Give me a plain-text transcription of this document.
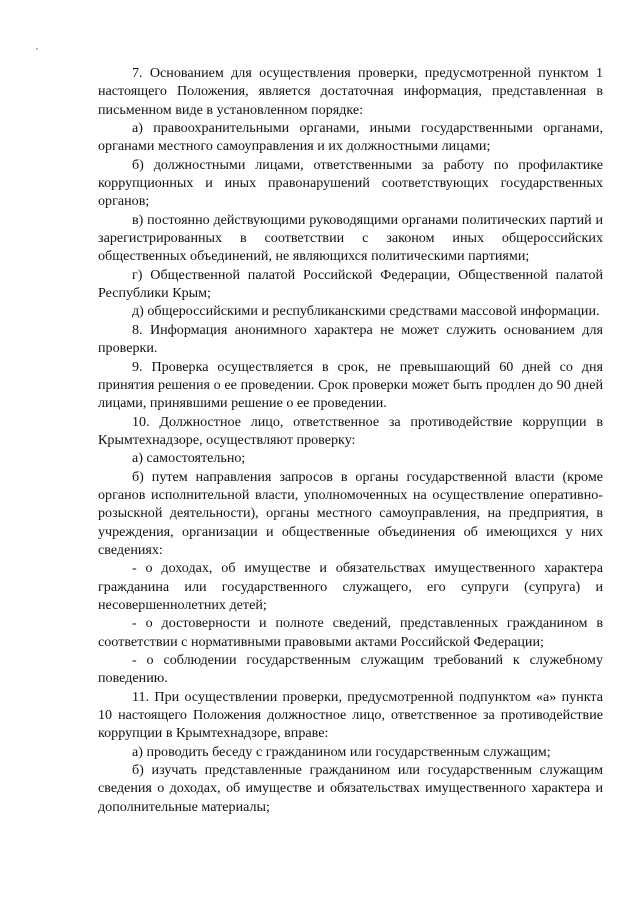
7. Основанием для осуществления проверки, предусмотренной пунктом 1 настоящего Положения, является достаточная информация, представленная в письменном виде в установленном порядке:

а) правоохранительными органами, иными государственными органами, органами местного самоуправления и их должностными лицами;

б) должностными лицами, ответственными за работу по профилактике коррупционных и иных правонарушений соответствующих государственных органов;

в) постоянно действующими руководящими органами политических партий и зарегистрированных в соответствии с законом иных общероссийских общественных объединений, не являющихся политическими партиями;

г) Общественной палатой Российской Федерации, Общественной палатой Республики Крым;

д) общероссийскими и республиканскими средствами массовой информации.

8. Информация анонимного характера не может служить основанием для проверки.

9. Проверка осуществляется в срок, не превышающий 60 дней со дня принятия решения о ее проведении. Срок проверки может быть продлен до 90 дней лицами, принявшими решение о ее проведении.

10. Должностное лицо, ответственное за противодействие коррупции в Крымтехнадзоре, осуществляют проверку:

а) самостоятельно;

б) путем направления запросов в органы государственной власти (кроме органов исполнительной власти, уполномоченных на осуществление оперативно-розыскной деятельности), органы местного самоуправления, на предприятия, в учреждения, организации и общественные объединения об имеющихся у них сведениях:

- о доходах, об имуществе и обязательствах имущественного характера гражданина или государственного служащего, его супруги (супруга) и несовершеннолетних детей;

- о достоверности и полноте сведений, представленных гражданином в соответствии с нормативными правовыми актами Российской Федерации;

- о соблюдении государственным служащим требований к служебному поведению.

11. При осуществлении проверки, предусмотренной подпунктом «а» пункта 10 настоящего Положения должностное лицо, ответственное за противодействие коррупции в Крымтехнадзоре, вправе:

а) проводить беседу с гражданином или государственным служащим;

б) изучать представленные гражданином или государственным служащим сведения о доходах, об имуществе и обязательствах имущественного характера и дополнительные материалы;
